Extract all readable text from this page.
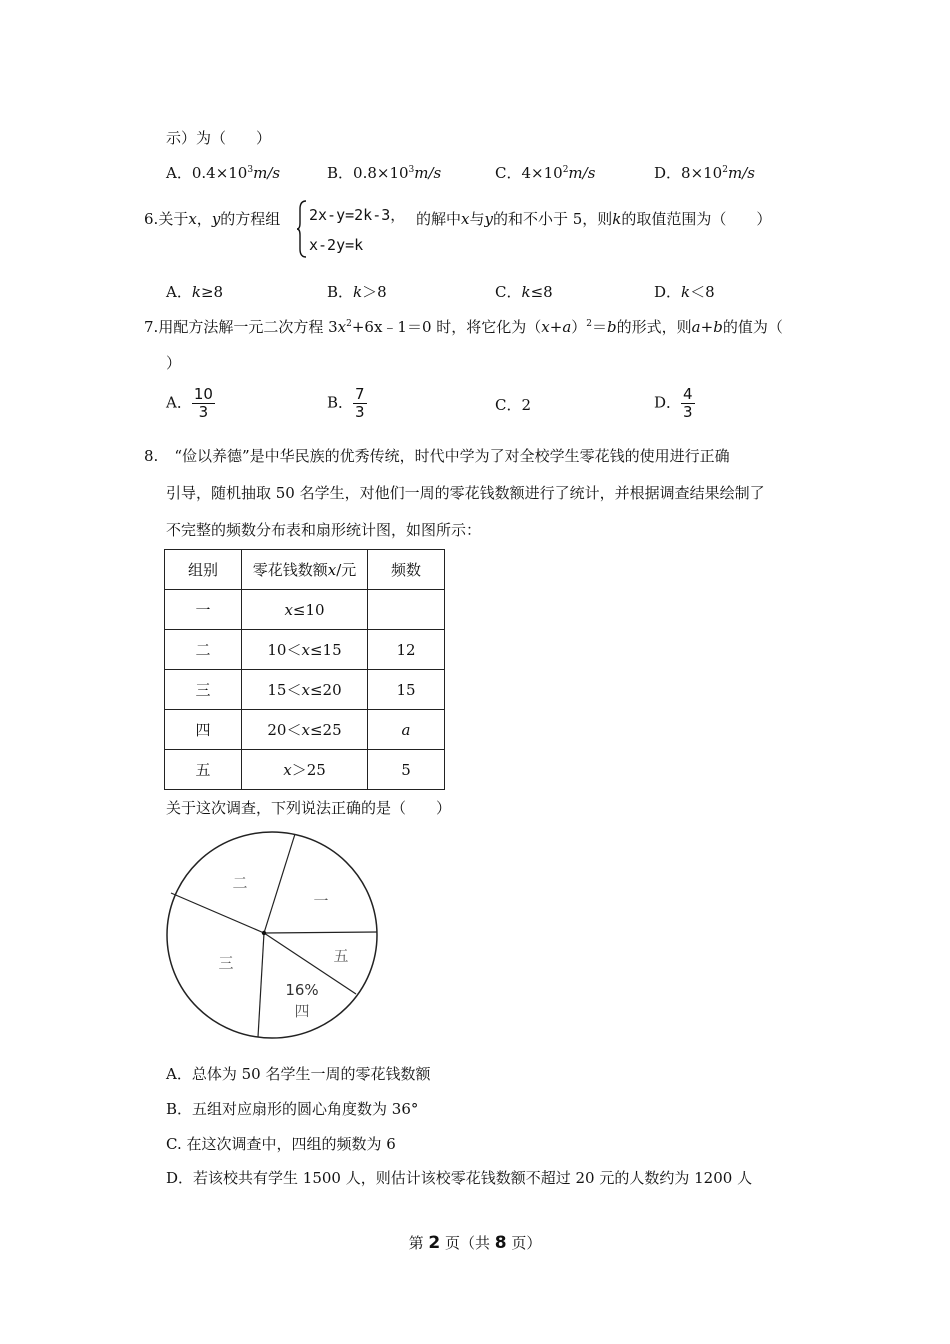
示）为（　　）
A．$0.4\times 10^3m/s$	B．$0.8\times 10^3m/s$	C．$4\times 10^2m/s$	D．$8\times 10^2m/s$
6.关于x，y的方程组 2x-y=2k-3，
x-2y=k
的解中x与y的和不小于 5，则k的取值范围为（　　）
A．k≥8	B．k＞8	C．k≤8	D．k＜8
7.用配方法解一元二次方程 $3x^2+6x﹣1=0$ 时，将它化为$(x+a)^2=b$的形式，则a+b的值为（
）
A． $\frac{10}{3}$	B． $\frac{7}{3}$	C．2	D． $\frac{4}{3}$
8. “俭以养德”是中华民族的优秀传统，时代中学为了对全校学生零花钱的使用进行正确
引导，随机抽取 50 名学生，对他们一周的零花钱数额进行了统计，并根据调查结果绘制了
不完整的频数分布表和扇形统计图，如图所示：
组别	零花钱数额x/元	频数
一	x≤10	
二	10＜x≤15	12
三	15＜x≤20	15
四	20＜x≤25	a
五	x＞25	5
关于这次调查，下列说法正确的是（　　）
二
一
五
三
16%
四
A．总体为 50 名学生一周的零花钱数额
B．五组对应扇形的圆心角度数为 36°
C. 在这次调查中，四组的频数为 6
D．若该校共有学生 1500 人，则估计该校零花钱数额不超过 20 元的人数约为 1200 人
第 2 页（共 8 页）
